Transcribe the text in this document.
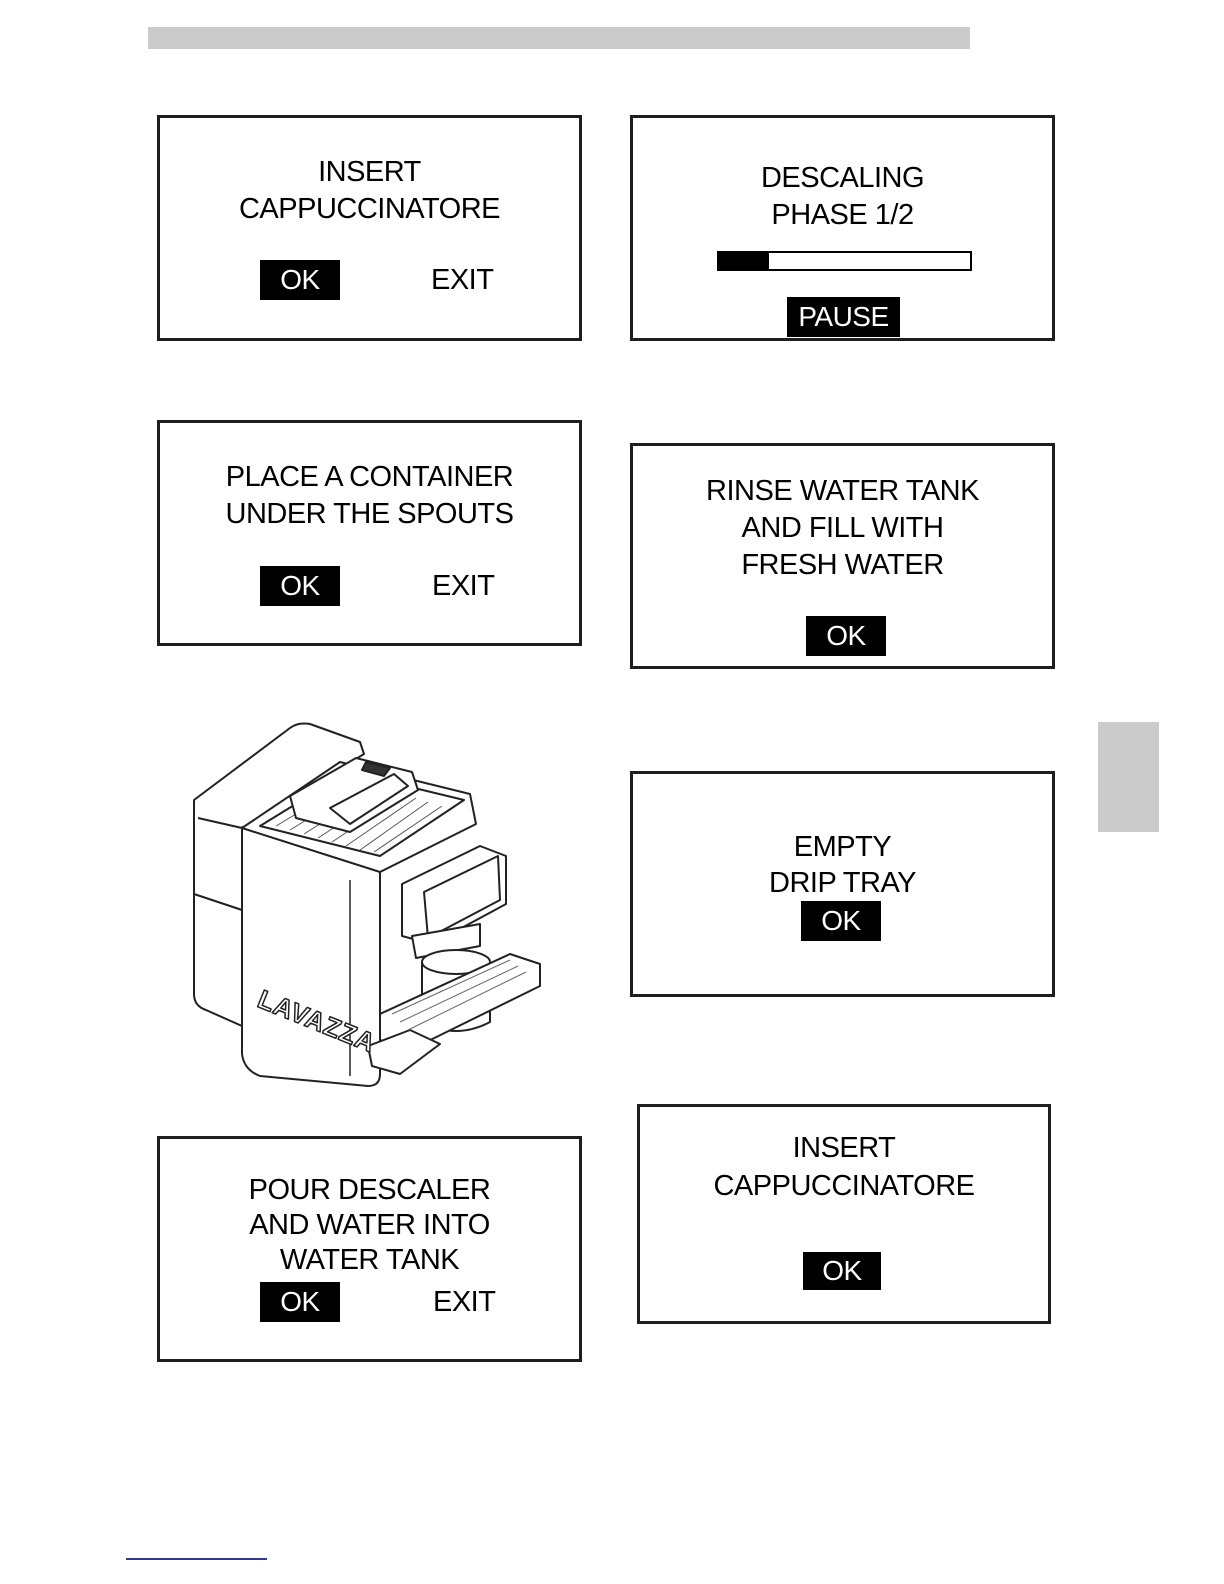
INSERT
CAPPUCCINATORE
OK	EXIT
DESCALING
PHASE 1/2
PAUSE
PLACE A CONTAINER
UNDER THE SPOUTS
OK	EXIT
RINSE WATER TANK
AND FILL WITH
FRESH WATER
OK
EMPTY
DRIP TRAY
OK
POUR DESCALER
AND WATER INTO
WATER TANK
OK	EXIT
INSERT
CAPPUCCINATORE
OK
LAVAZZA
